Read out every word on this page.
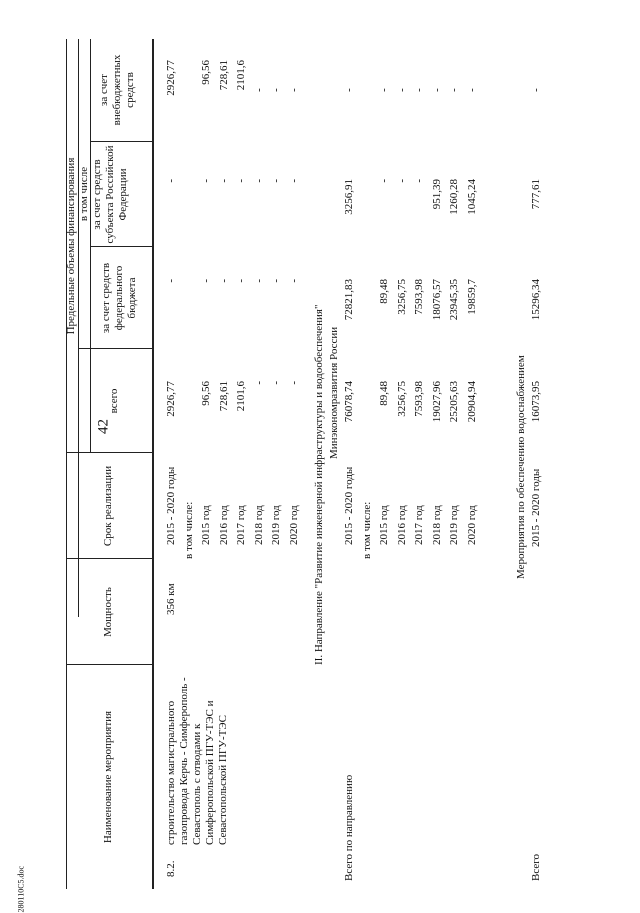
42
280110С5.doc
Наименование мероприятия
Мощность
Срок реализации
Предельные объемы финансирования
всего
в том числе
за счет средств федерального бюджета
за счет средств субъекта Российской Федерации
за счет внебюджетных средств
8.2.
строительство магистрального газопровода Керчь - Симферополь - Севастополь с отводами к Симферопольской ПГУ-ТЭС и Севастопольской ПГУ-ТЭС
356 км
2015 - 2020 годы
2926,77
-
-
2926,77
в том числе: 2015 год
96,56
-
-
96,56
2016 год
728,61
-
-
728,61
2017 год
2101,6
-
-
2101,6
2018 год
-
-
-
-
2019 год
-
-
-
-
2020 год
-
-
-
-
2015 - 2020 годы
76078,74
72821,83
3256,91
-
в том числе: 2015 год
89,48
89,48
-
-
2016 год
3256,75
3256,75
-
-
2017 год
7593,98
7593,98
-
-
2018 год
19027,96
18076,57
951,39
-
2019 год
25205,63
23945,35
1260,28
-
2020 год
20904,94
19859,7
1045,24
-
II. Направление "Развитие инженерной инфраструктуры и водообеспечения" Минэкономразвития России
Всего по направлению
Мероприятия по обеспечению водоснабжением
Всего
2015 - 2020 годы
16073,95
15296,34
777,61
-
